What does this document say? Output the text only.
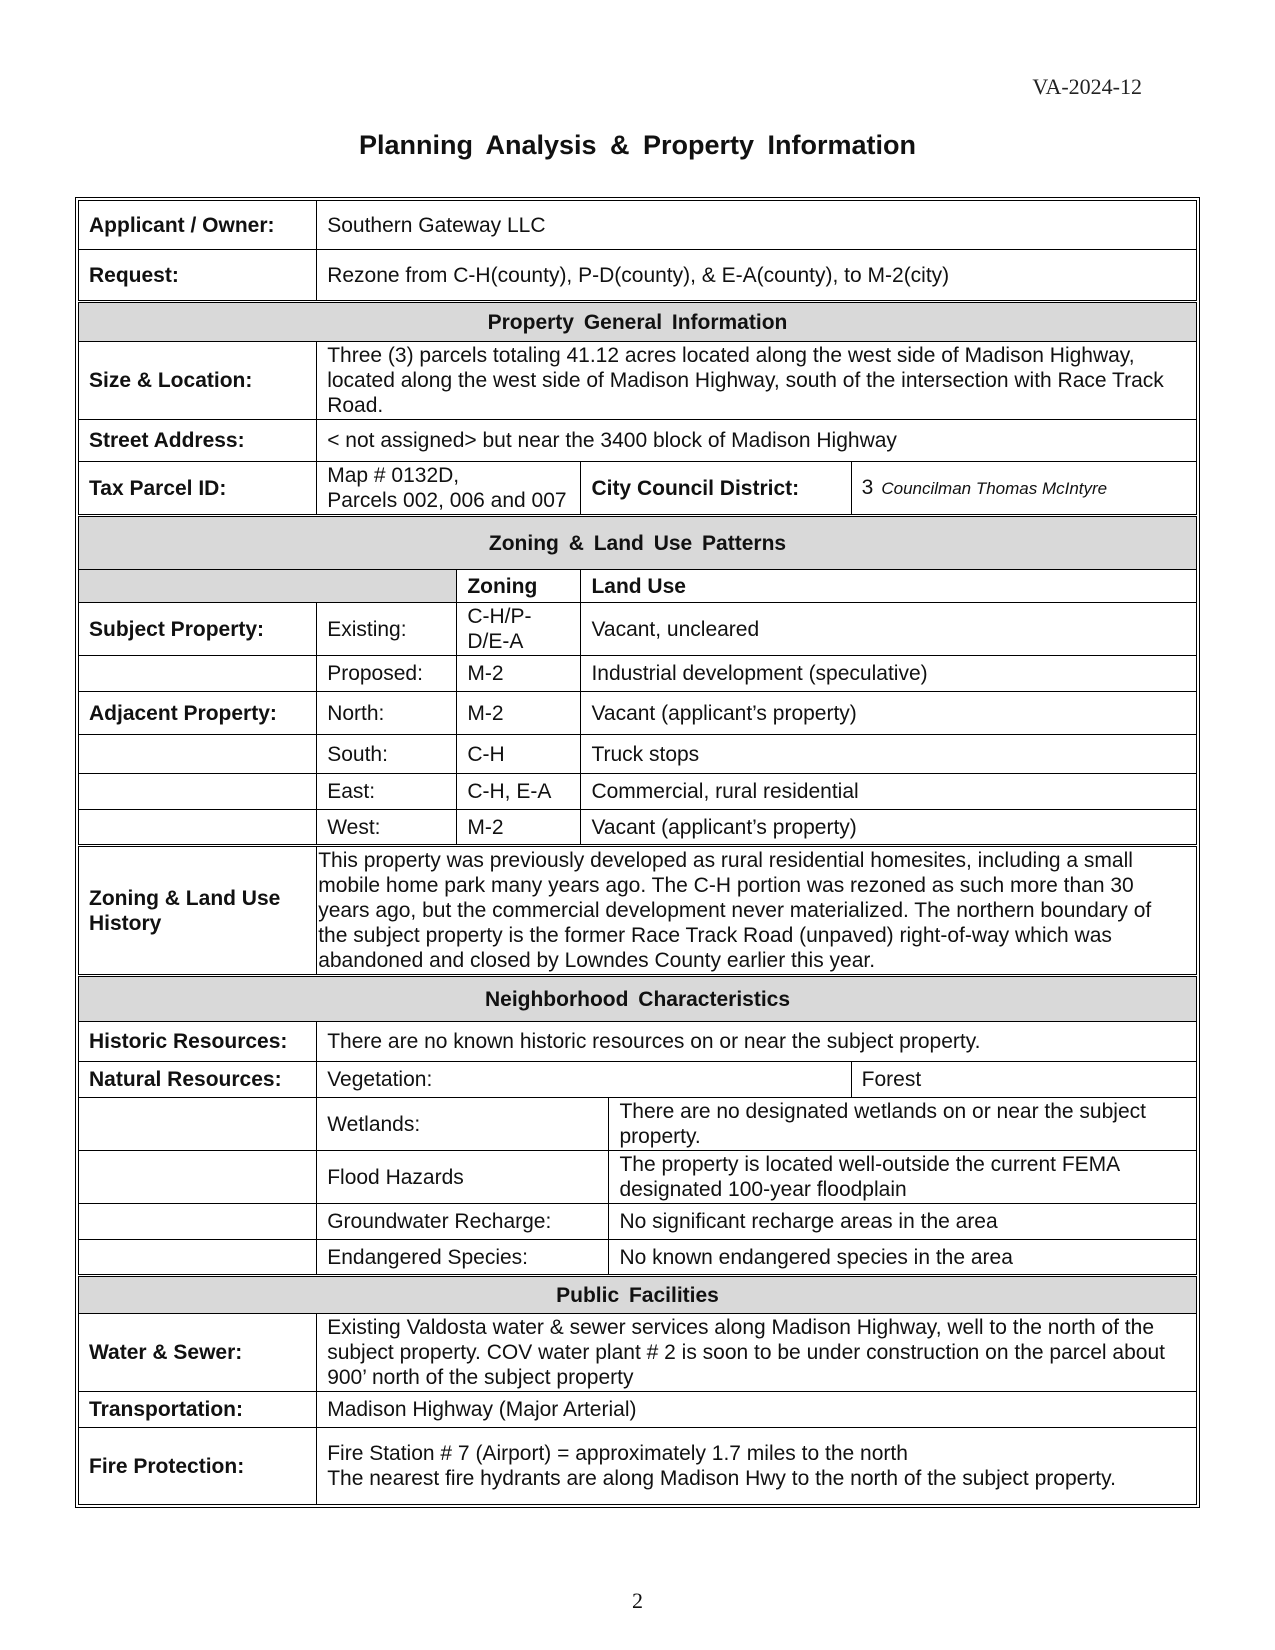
VA-2024-12
Planning Analysis & Property Information
Applicant / Owner:	Southern Gateway LLC				
Request:	Rezone from C-H(county), P-D(county), & E-A(county), to M-2(city)				
Property General Information					
Size & Location:	Three (3) parcels totaling 41.12 acres located along the west side of Madison Highway, located along the west side of Madison Highway, south of the intersection with Race Track Road.				
Street Address:	< not assigned> but near the 3400 block of Madison Highway				
Tax Parcel ID:	Map # 0132D,
Parcels 002, 006 and 007		City Council District:		3 Councilman Thomas McIntyre
Zoning & Land Use Patterns					
		Zoning	Land Use		
Subject Property:	Existing:	C-H/P-D/E-A	Vacant, uncleared		
	Proposed:	M-2	Industrial development (speculative)		
Adjacent Property:	North:	M-2	Vacant (applicant’s property)		
	South:	C-H	Truck stops		
	East:	C-H, E-A	Commercial, rural residential		
	West:	M-2	Vacant (applicant’s property)		
Zoning & Land Use History	This property was previously developed as rural residential homesites, including a small mobile home park many years ago. The C-H portion was rezoned as such more than 30 years ago, but the commercial development never materialized. The northern boundary of the subject property is the former Race Track Road (unpaved) right-of-way which was abandoned and closed by Lowndes County earlier this year.				
Neighborhood Characteristics					
Historic Resources:	There are no known historic resources on or near the subject property.				
Natural Resources:	Vegetation:				Forest
	Wetlands:			There are no designated wetlands on or near the subject property.	
	Flood Hazards			The property is located well-outside the current FEMA designated 100-year floodplain	
	Groundwater Recharge:			No significant recharge areas in the area	
	Endangered Species:			No known endangered species in the area	
Public Facilities					
Water & Sewer:	Existing Valdosta water & sewer services along Madison Highway, well to the north of the subject property. COV water plant # 2 is soon to be under construction on the parcel about 900’ north of the subject property				
Transportation:	Madison Highway (Major Arterial)				
Fire Protection:	Fire Station # 7 (Airport) = approximately 1.7 miles to the north
The nearest fire hydrants are along Madison Hwy to the north of the subject property.				
2
